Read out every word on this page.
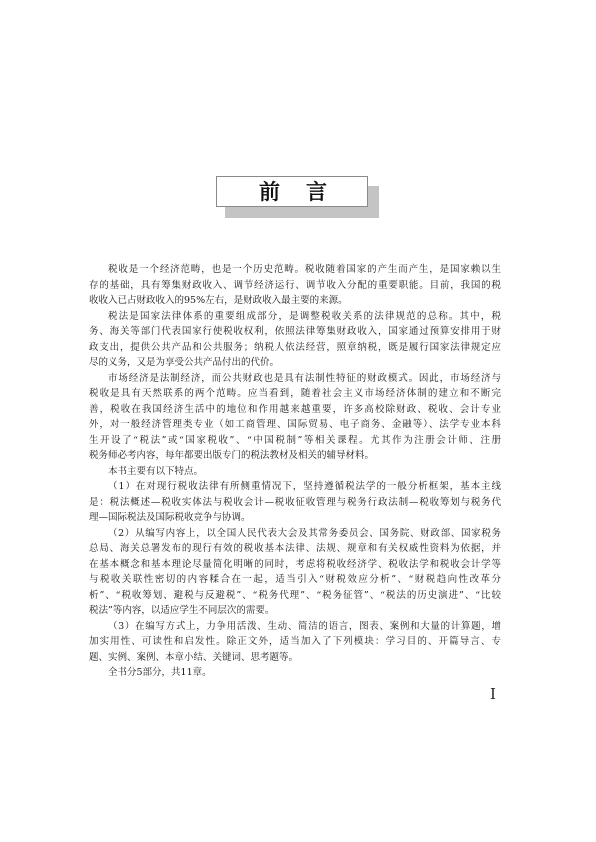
前言

税收是一个经济范畴，也是一个历史范畴。税收随着国家的产生而产生，是国家赖以生

存的基础，具有筹集财政收入、调节经济运行、调节收入分配的重要职能。目前，我国的税

收收入已占财政收入的95%左右，是财政收入最主要的来源。

税法是国家法律体系的重要组成部分，是调整税收关系的法律规范的总称。其中，税

务、海关等部门代表国家行使税收权利，依照法律筹集财政收入，国家通过预算安排用于财

政支出，提供公共产品和公共服务；纳税人依法经营，照章纳税，既是履行国家法律规定应

尽的义务，又是为享受公共产品付出的代价。

市场经济是法制经济，而公共财政也是具有法制性特征的财政模式。因此，市场经济与

税收是具有天然联系的两个范畴。应当看到，随着社会主义市场经济体制的建立和不断完

善，税收在我国经济生活中的地位和作用越来越重要，许多高校除财政、税收、会计专业

外，对一般经济管理类专业（如工商管理、国际贸易、电子商务、金融等）、法学专业本科

生开设了“税法”或“国家税收”、“中国税制”等相关课程。尤其作为注册会计师、注册

税务师必考内容，每年都要出版专门的税法教材及相关的辅导材料。

本书主要有以下特点。

（1）在对现行税收法律有所侧重情况下，坚持遵循税法学的一般分析框架，基本主线

是：税法概述—税收实体法与税收会计—税收征收管理与税务行政法制—税收筹划与税务代

理—国际税法及国际税收竞争与协调。

（2）从编写内容上，以全国人民代表大会及其常务委员会、国务院、财政部、国家税务

总局、海关总署发布的现行有效的税收基本法律、法规、规章和有关权威性资料为依据，并

在基本概念和基本理论尽量简化明晰的同时，考虑将税收经济学、税收法学和税收会计学等

与税收关联性密切的内容糅合在一起，适当引入“财税效应分析”、“财税趋向性改革分

析”、“税收筹划、避税与反避税”、“税务代理”、“税务征管”、“税法的历史演进”、“比较

税法”等内容，以适应学生不同层次的需要。

（3）在编写方式上，力争用活泼、生动、简洁的语言，图表、案例和大量的计算题，增

加实用性、可读性和启发性。除正文外，适当加入了下列模块：学习目的、开篇导言、专

题、实例、案例、本章小结、关键词、思考题等。

全书分5部分，共11章。

I
